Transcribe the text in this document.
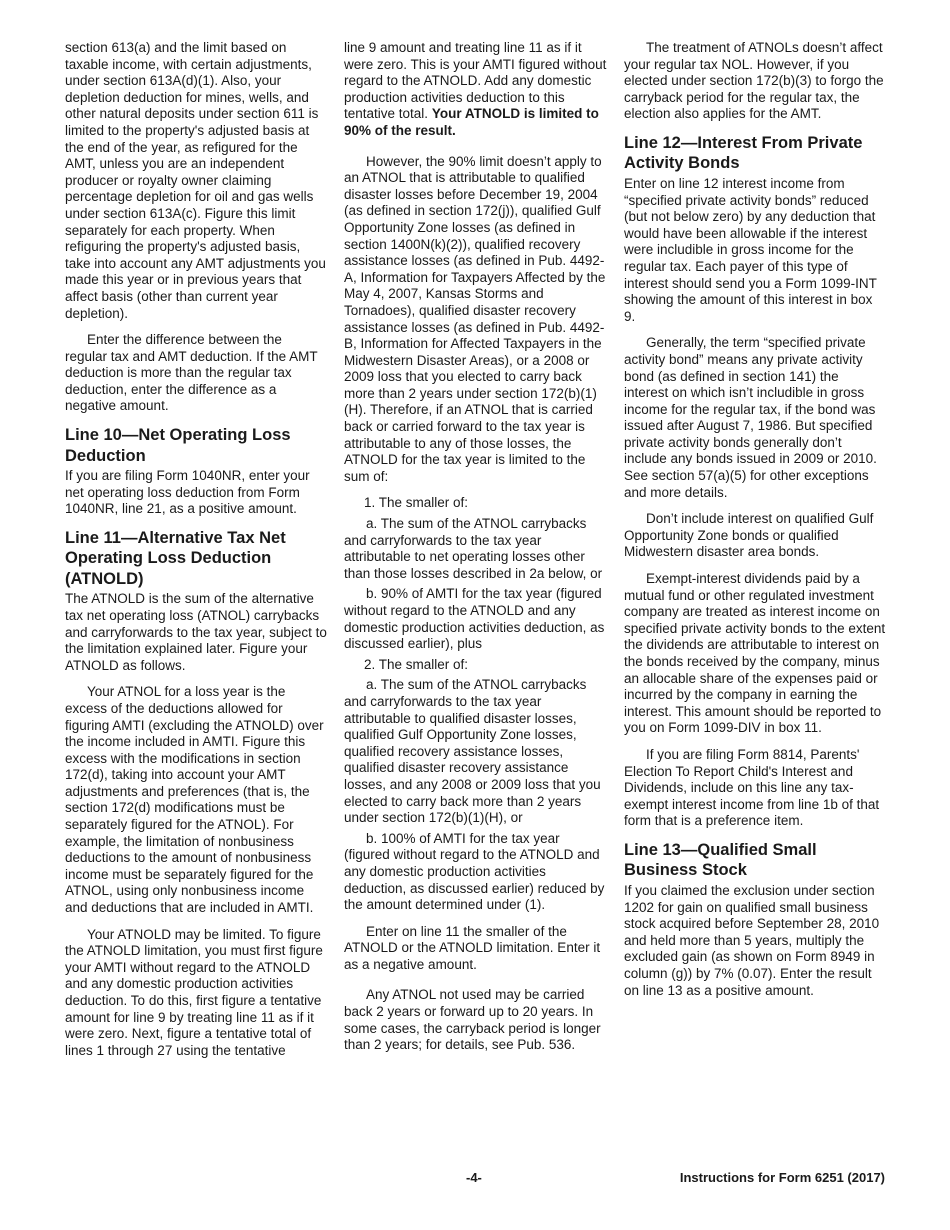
section 613(a) and the limit based on taxable income, with certain adjustments, under section 613A(d)(1). Also, your depletion deduction for mines, wells, and other natural deposits under section 611 is limited to the property's adjusted basis at the end of the year, as refigured for the AMT, unless you are an independent producer or royalty owner claiming percentage depletion for oil and gas wells under section 613A(c). Figure this limit separately for each property. When refiguring the property's adjusted basis, take into account any AMT adjustments you made this year or in previous years that affect basis (other than current year depletion).

Enter the difference between the regular tax and AMT deduction. If the AMT deduction is more than the regular tax deduction, enter the difference as a negative amount.

Line 10—Net Operating Loss Deduction

If you are filing Form 1040NR, enter your net operating loss deduction from Form 1040NR, line 21, as a positive amount.

Line 11—Alternative Tax Net Operating Loss Deduction (ATNOLD)

The ATNOLD is the sum of the alternative tax net operating loss (ATNOL) carrybacks and carryforwards to the tax year, subject to the limitation explained later. Figure your ATNOLD as follows.

Your ATNOL for a loss year is the excess of the deductions allowed for figuring AMTI (excluding the ATNOLD) over the income included in AMTI. Figure this excess with the modifications in section 172(d), taking into account your AMT adjustments and preferences (that is, the section 172(d) modifications must be separately figured for the ATNOL). For example, the limitation of nonbusiness deductions to the amount of nonbusiness income must be separately figured for the ATNOL, using only nonbusiness income and deductions that are included in AMTI.

Your ATNOLD may be limited. To figure the ATNOLD limitation, you must first figure your AMTI without regard to the ATNOLD and any domestic production activities deduction. To do this, first figure a tentative amount for line 9 by treating line 11 as if it were zero. Next, figure a tentative total of lines 1 through 27 using the tentative

line 9 amount and treating line 11 as if it were zero. This is your AMTI figured without regard to the ATNOLD. Add any domestic production activities deduction to this tentative total. Your ATNOLD is limited to 90% of the result.

However, the 90% limit doesn’t apply to an ATNOL that is attributable to qualified disaster losses before December 19, 2004 (as defined in section 172(j)), qualified Gulf Opportunity Zone losses (as defined in section 1400N(k)(2)), qualified recovery assistance losses (as defined in Pub. 4492-A, Information for Taxpayers Affected by the May 4, 2007, Kansas Storms and Tornadoes), qualified disaster recovery assistance losses (as defined in Pub. 4492-B, Information for Affected Taxpayers in the Midwestern Disaster Areas), or a 2008 or 2009 loss that you elected to carry back more than 2 years under section 172(b)(1)(H). Therefore, if an ATNOL that is carried back or carried forward to the tax year is attributable to any of those losses, the ATNOLD for the tax year is limited to the sum of:

1. The smaller of:

a. The sum of the ATNOL carrybacks and carryforwards to the tax year attributable to net operating losses other than those losses described in 2a below, or

b. 90% of AMTI for the tax year (figured without regard to the ATNOLD and any domestic production activities deduction, as discussed earlier), plus

2. The smaller of:

a. The sum of the ATNOL carrybacks and carryforwards to the tax year attributable to qualified disaster losses, qualified Gulf Opportunity Zone losses, qualified recovery assistance losses, qualified disaster recovery assistance losses, and any 2008 or 2009 loss that you elected to carry back more than 2 years under section 172(b)(1)(H), or

b. 100% of AMTI for the tax year (figured without regard to the ATNOLD and any domestic production activities deduction, as discussed earlier) reduced by the amount determined under (1).

Enter on line 11 the smaller of the ATNOLD or the ATNOLD limitation. Enter it as a negative amount.

Any ATNOL not used may be carried back 2 years or forward up to 20 years. In some cases, the carryback period is longer than 2 years; for details, see Pub. 536.

The treatment of ATNOLs doesn’t affect your regular tax NOL. However, if you elected under section 172(b)(3) to forgo the carryback period for the regular tax, the election also applies for the AMT.

Line 12—Interest From Private Activity Bonds

Enter on line 12 interest income from “specified private activity bonds” reduced (but not below zero) by any deduction that would have been allowable if the interest were includible in gross income for the regular tax. Each payer of this type of interest should send you a Form 1099-INT showing the amount of this interest in box 9.

Generally, the term “specified private activity bond” means any private activity bond (as defined in section 141) the interest on which isn’t includible in gross income for the regular tax, if the bond was issued after August 7, 1986. But specified private activity bonds generally don’t include any bonds issued in 2009 or 2010. See section 57(a)(5) for other exceptions and more details.

Don’t include interest on qualified Gulf Opportunity Zone bonds or qualified Midwestern disaster area bonds.

Exempt-interest dividends paid by a mutual fund or other regulated investment company are treated as interest income on specified private activity bonds to the extent the dividends are attributable to interest on the bonds received by the company, minus an allocable share of the expenses paid or incurred by the company in earning the interest. This amount should be reported to you on Form 1099-DIV in box 11.

If you are filing Form 8814, Parents' Election To Report Child's Interest and Dividends, include on this line any tax-exempt interest income from line 1b of that form that is a preference item.

Line 13—Qualified Small Business Stock

If you claimed the exclusion under section 1202 for gain on qualified small business stock acquired before September 28, 2010 and held more than 5 years, multiply the excluded gain (as shown on Form 8949 in column (g)) by 7% (0.07). Enter the result on line 13 as a positive amount.

-4-	Instructions for Form 6251 (2017)
